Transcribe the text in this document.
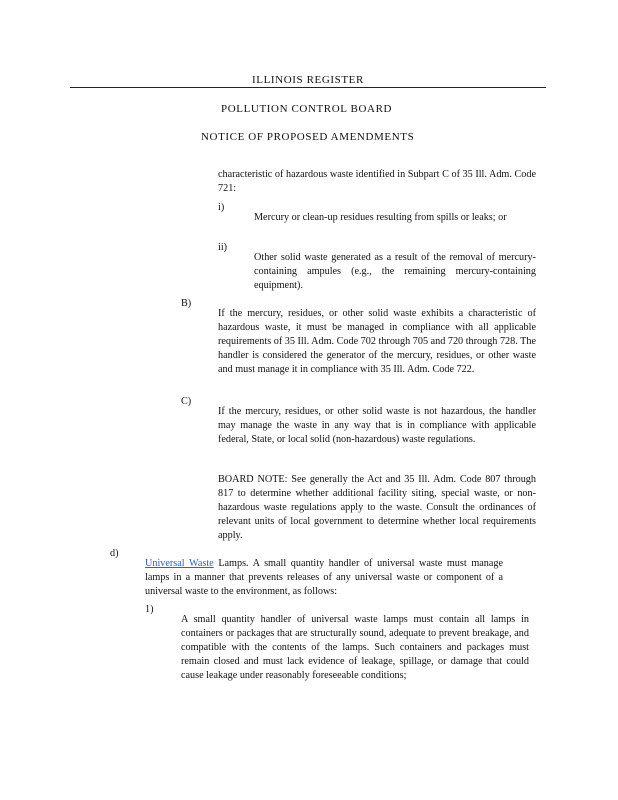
ILLINOIS REGISTER
POLLUTION CONTROL BOARD
NOTICE OF PROPOSED AMENDMENTS

characteristic of hazardous waste identified in Subpart C of 35 Ill. Adm. Code 721:

i)

Mercury or clean-up residues resulting from spills or leaks; or

ii)

Other solid waste generated as a result of the removal of mercury-containing ampules (e.g., the remaining mercury-containing equipment).

B)

If the mercury, residues, or other solid waste exhibits a characteristic of hazardous waste, it must be managed in compliance with all applicable requirements of 35 Ill. Adm. Code 702 through 705 and 720 through 728. The handler is considered the generator of the mercury, residues, or other waste and must manage it in compliance with 35 Ill. Adm. Code 722.

C)

If the mercury, residues, or other solid waste is not hazardous, the handler may manage the waste in any way that is in compliance with applicable federal, State, or local solid (non-hazardous) waste regulations.

BOARD NOTE: See generally the Act and 35 Ill. Adm. Code 807 through 817 to determine whether additional facility siting, special waste, or non-hazardous waste regulations apply to the waste. Consult the ordinances of relevant units of local government to determine whether local requirements apply.

d)

Universal Waste Lamps. A small quantity handler of universal waste must manage lamps in a manner that prevents releases of any universal waste or component of a universal waste to the environment, as follows:

1)

A small quantity handler of universal waste lamps must contain all lamps in containers or packages that are structurally sound, adequate to prevent breakage, and compatible with the contents of the lamps. Such containers and packages must remain closed and must lack evidence of leakage, spillage, or damage that could cause leakage under reasonably foreseeable conditions;
